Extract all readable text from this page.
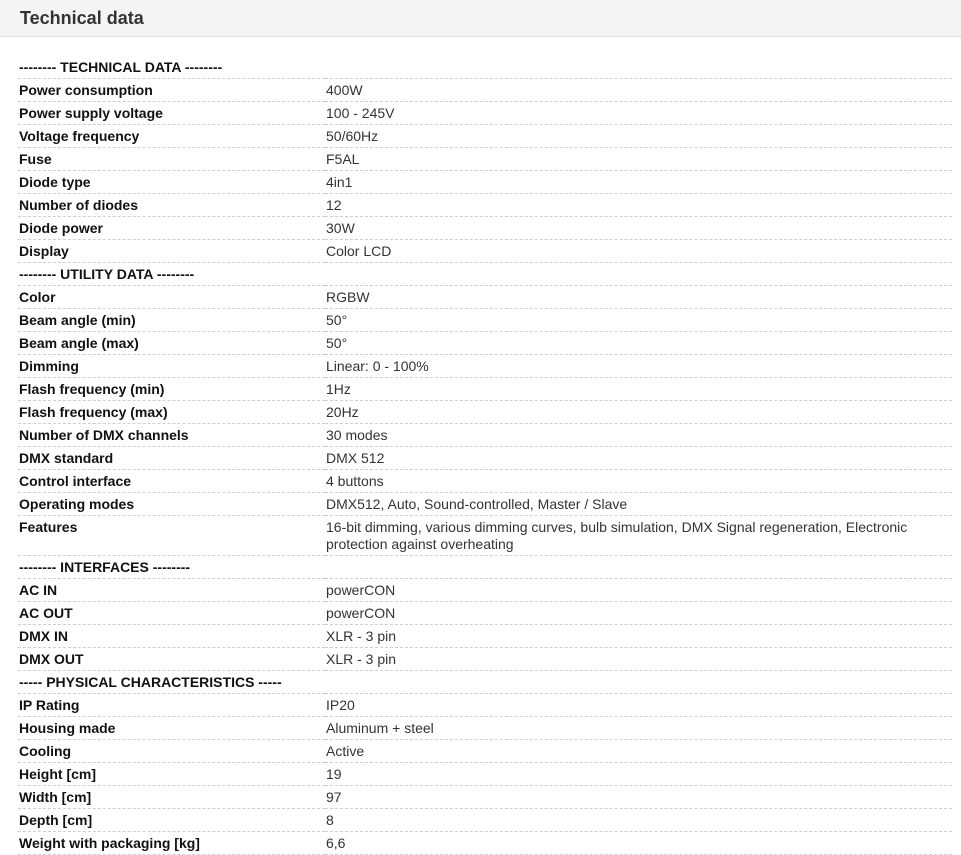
Technical data
-------- TECHNICAL DATA --------	
Power consumption	400W
Power supply voltage	100 - 245V
Voltage frequency	50/60Hz
Fuse	F5AL
Diode type	4in1
Number of diodes	12
Diode power	30W
Display	Color LCD
-------- UTILITY DATA --------	
Color	RGBW
Beam angle (min)	50°
Beam angle (max)	50°
Dimming	Linear: 0 - 100%
Flash frequency (min)	1Hz
Flash frequency (max)	20Hz
Number of DMX channels	30 modes
DMX standard	DMX 512
Control interface	4 buttons
Operating modes	DMX512, Auto, Sound-controlled, Master / Slave
Features	16-bit dimming, various dimming curves, bulb simulation, DMX Signal regeneration, Electronic protection against overheating
-------- INTERFACES --------	
AC IN	powerCON
AC OUT	powerCON
DMX IN	XLR - 3 pin
DMX OUT	XLR - 3 pin
----- PHYSICAL CHARACTERISTICS -----	
IP Rating	IP20
Housing made	Aluminum + steel
Cooling	Active
Height [cm]	19
Width [cm]	97
Depth [cm]	8
Weight with packaging [kg]	6,6
